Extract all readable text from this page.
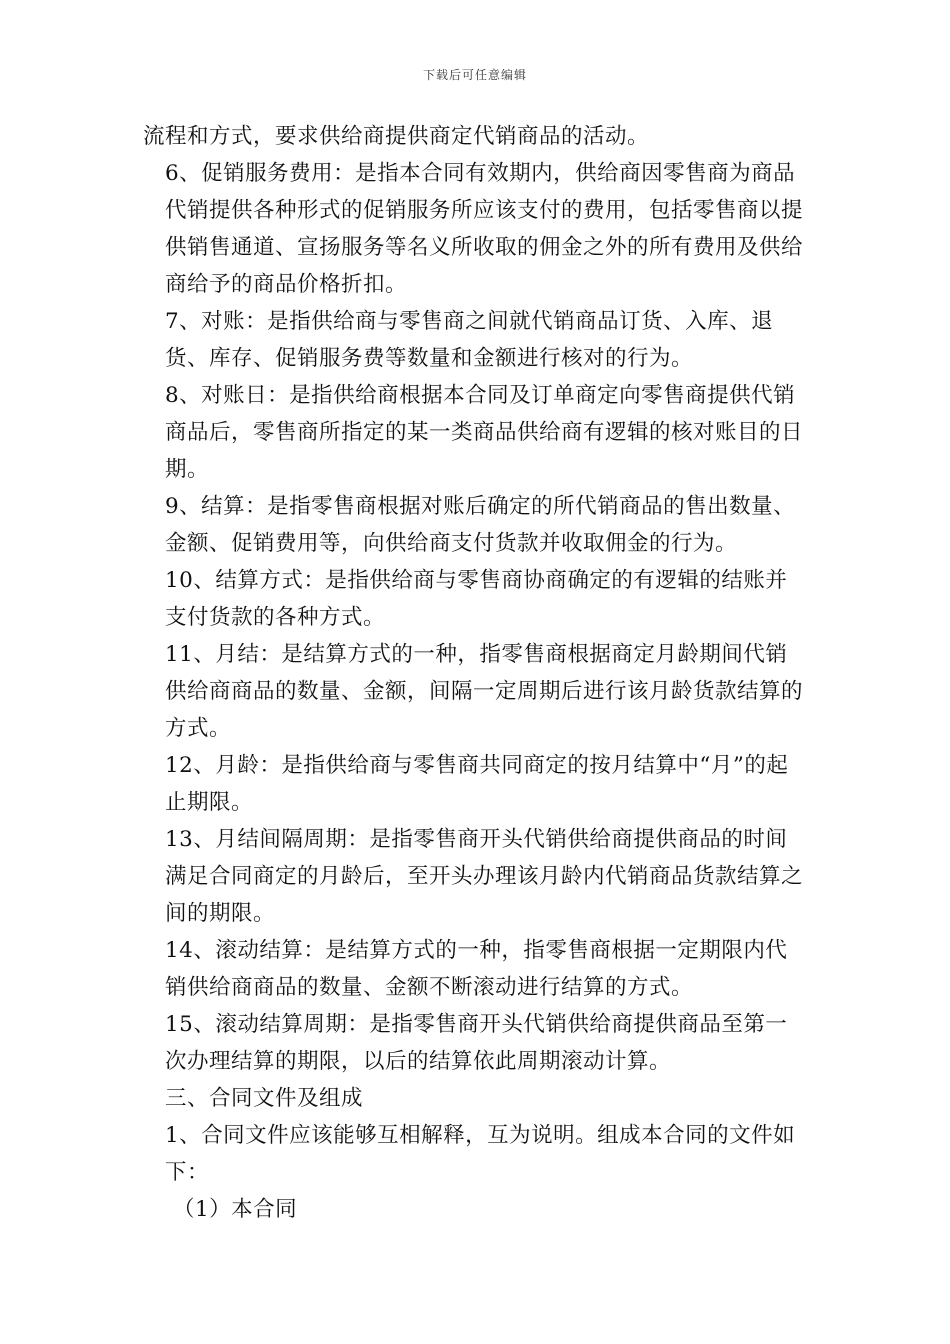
下载后可任意编辑

流程和方式，要求供给商提供商定代销商品的活动。

6、促销服务费用：是指本合同有效期内，供给商因零售商为商品代销提供各种形式的促销服务所应该支付的费用，包括零售商以提供销售通道、宣扬服务等名义所收取的佣金之外的所有费用及供给商给予的商品价格折扣。

7、对账：是指供给商与零售商之间就代销商品订货、入库、退货、库存、促销服务费等数量和金额进行核对的行为。

8、对账日：是指供给商根据本合同及订单商定向零售商提供代销商品后，零售商所指定的某一类商品供给商有逻辑的核对账目的日期。

9、结算：是指零售商根据对账后确定的所代销商品的售出数量、金额、促销费用等，向供给商支付货款并收取佣金的行为。

10、结算方式：是指供给商与零售商协商确定的有逻辑的结账并支付货款的各种方式。

11、月结：是结算方式的一种，指零售商根据商定月龄期间代销供给商商品的数量、金额，间隔一定周期后进行该月龄货款结算的方式。

12、月龄：是指供给商与零售商共同商定的按月结算中“月”的起止期限。

13、月结间隔周期：是指零售商开头代销供给商提供商品的时间满足合同商定的月龄后，至开头办理该月龄内代销商品货款结算之间的期限。

14、滚动结算：是结算方式的一种，指零售商根据一定期限内代销供给商商品的数量、金额不断滚动进行结算的方式。

15、滚动结算周期：是指零售商开头代销供给商提供商品至第一次办理结算的期限，以后的结算依此周期滚动计算。

三、合同文件及组成

1、合同文件应该能够互相解释，互为说明。组成本合同的文件如下：

（1）本合同
